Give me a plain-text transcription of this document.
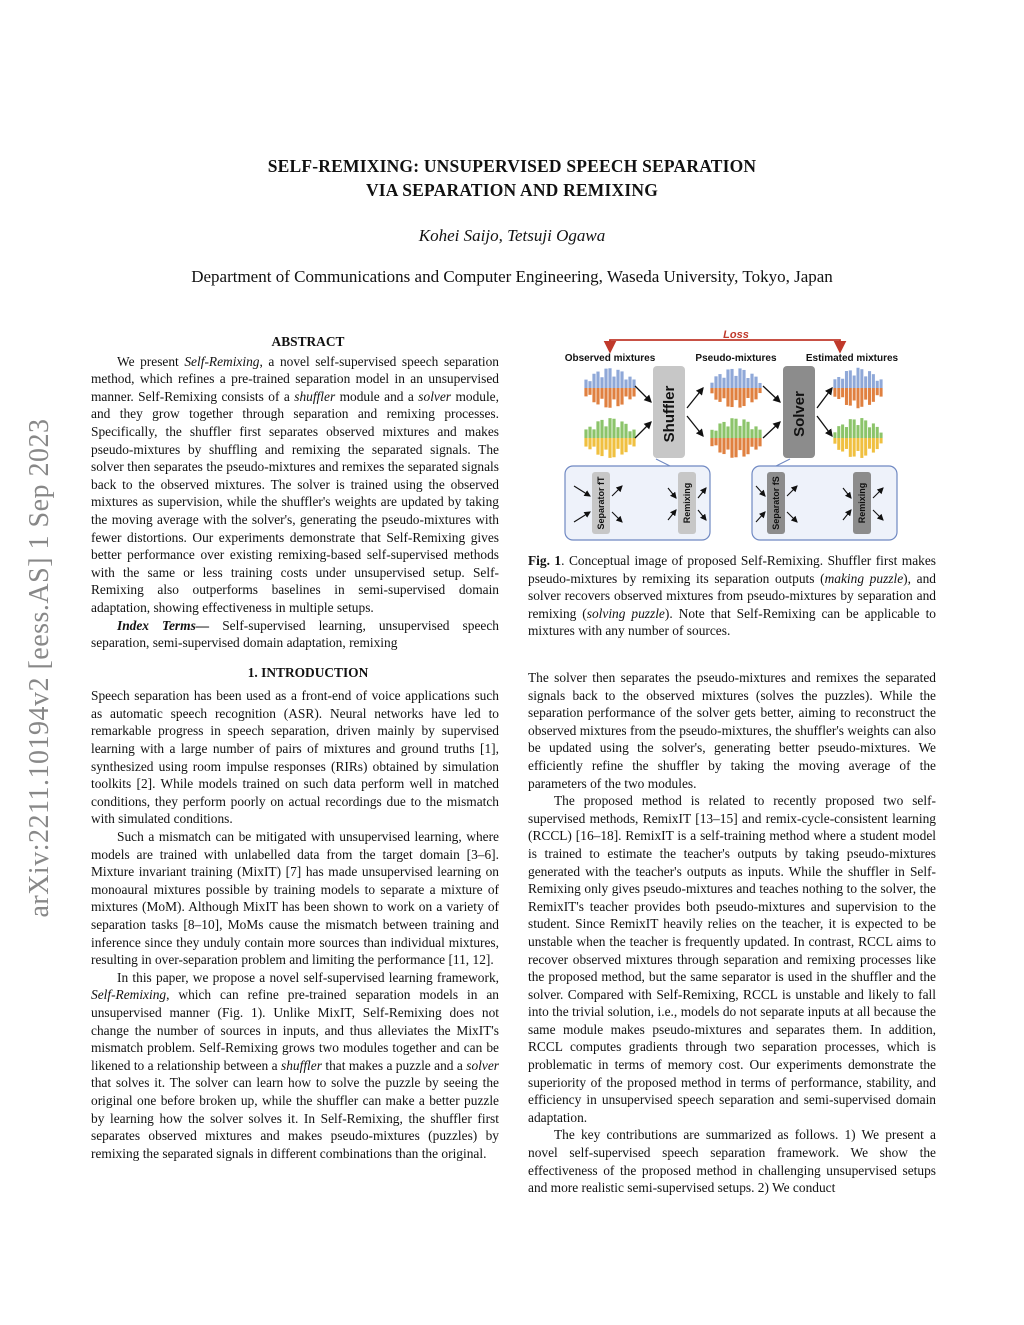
arXiv:2211.10194v2 [eess.AS] 1 Sep 2023
SELF-REMIXING: UNSUPERVISED SPEECH SEPARATION
VIA SEPARATION AND REMIXING
Kohei Saijo, Tetsuji Ogawa
Department of Communications and Computer Engineering, Waseda University, Tokyo, Japan

ABSTRACT

We present Self-Remixing, a novel self-supervised speech separation method, which refines a pre-trained separation model in an unsupervised manner. Self-Remixing consists of a shuffler module and a solver module, and they grow together through separation and remixing processes. Specifically, the shuffler first separates observed mixtures and makes pseudo-mixtures by shuffling and remixing the separated signals. The solver then separates the pseudo-mixtures and remixes the separated signals back to the observed mixtures. The solver is trained using the observed mixtures as supervision, while the shuffler's weights are updated by taking the moving average with the solver's, generating the pseudo-mixtures with fewer distortions. Our experiments demonstrate that Self-Remixing gives better performance over existing remixing-based self-supervised methods with the same or less training costs under unsupervised setup. Self-Remixing also outperforms baselines in semi-supervised domain adaptation, showing effectiveness in multiple setups.

Index Terms— Self-supervised learning, unsupervised speech separation, semi-supervised domain adaptation, remixing

1. INTRODUCTION

Speech separation has been used as a front-end of voice applications such as automatic speech recognition (ASR). Neural networks have led to remarkable progress in speech separation, driven mainly by supervised learning with a large number of pairs of mixtures and ground truths [1], synthesized using room impulse responses (RIRs) obtained by simulation toolkits [2]. While models trained on such data perform well in matched conditions, they perform poorly on actual recordings due to the mismatch with simulated conditions.

Such a mismatch can be mitigated with unsupervised learning, where models are trained with unlabelled data from the target domain [3–6]. Mixture invariant training (MixIT) [7] has made unsupervised learning on monoaural mixtures possible by training models to separate a mixture of mixtures (MoM). Although MixIT has been shown to work on a variety of separation tasks [8–10], MoMs cause the mismatch between training and inference since they unduly contain more sources than individual mixtures, resulting in over-separation problem and limiting the performance [11, 12].

In this paper, we propose a novel self-supervised learning framework, Self-Remixing, which can refine pre-trained separation models in an unsupervised manner (Fig. 1). Unlike MixIT, Self-Remixing does not change the number of sources in inputs, and thus alleviates the MixIT's mismatch problem. Self-Remixing grows two modules together and can be likened to a relationship between a shuffler that makes a puzzle and a solver that solves it. The solver can learn how to solve the puzzle by seeing the original one before broken up, while the shuffler can make a better puzzle by learning how the solver solves it. In Self-Remixing, the shuffler first separates observed mixtures and makes pseudo-mixtures (puzzles) by remixing the separated signals in different combinations than the original.

Loss
Observed mixtures	Pseudo-mixtures	Estimated mixtures
Shuffler	Solver
Separator fT	Remixing	Separator fS	Remixing

Fig. 1. Conceptual image of proposed Self-Remixing. Shuffler first makes pseudo-mixtures by remixing its separation outputs (making puzzle), and solver recovers observed mixtures from pseudo-mixtures by separation and remixing (solving puzzle). Note that Self-Remixing can be applicable to mixtures with any number of sources.

The solver then separates the pseudo-mixtures and remixes the separated signals back to the observed mixtures (solves the puzzles). While the separation performance of the solver gets better, aiming to reconstruct the observed mixtures from the pseudo-mixtures, the shuffler's weights can also be updated using the solver's, generating better pseudo-mixtures. We efficiently refine the shuffler by taking the moving average of the parameters of the two modules.

The proposed method is related to recently proposed two self-supervised methods, RemixIT [13–15] and remix-cycle-consistent learning (RCCL) [16–18]. RemixIT is a self-training method where a student model is trained to estimate the teacher's outputs by taking pseudo-mixtures generated with the teacher's outputs as inputs. While the shuffler in Self-Remixing only gives pseudo-mixtures and teaches nothing to the solver, the RemixIT's teacher provides both pseudo-mixtures and supervision to the student. Since RemixIT heavily relies on the teacher, it is expected to be unstable when the teacher is frequently updated. In contrast, RCCL aims to recover observed mixtures through separation and remixing processes like the proposed method, but the same separator is used in the shuffler and the solver. Compared with Self-Remixing, RCCL is unstable and likely to fall into the trivial solution, i.e., models do not separate inputs at all because the same module makes pseudo-mixtures and separates them. In addition, RCCL computes gradients through two separation processes, which is problematic in terms of memory cost. Our experiments demonstrate the superiority of the proposed method in terms of performance, stability, and efficiency in unsupervised speech separation and semi-supervised domain adaptation.

The key contributions are summarized as follows. 1) We present a novel self-supervised speech separation framework. We show the effectiveness of the proposed method in challenging unsupervised setups and more realistic semi-supervised setups. 2) We conduct
